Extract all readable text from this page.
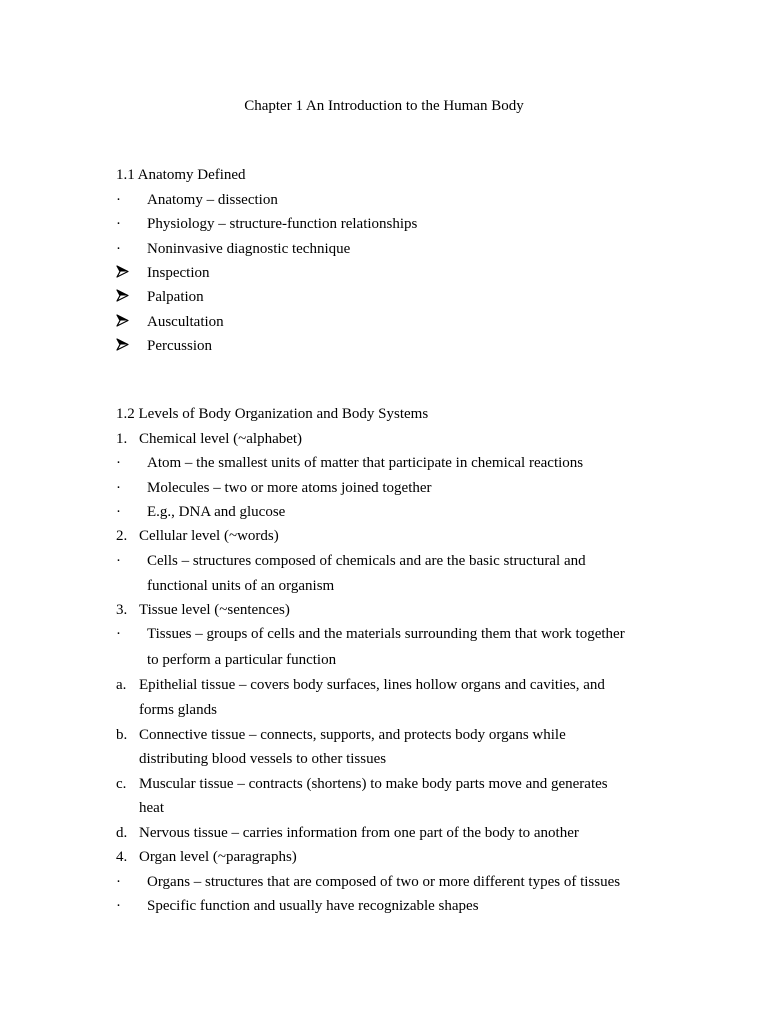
Chapter 1 An Introduction to the Human Body
1.1 Anatomy Defined
· Anatomy – dissection
· Physiology – structure-function relationships
· Noninvasive diagnostic technique
Inspection
Palpation
Auscultation
Percussion
1.2 Levels of Body Organization and Body Systems
1. Chemical level (~alphabet)
· Atom – the smallest units of matter that participate in chemical reactions
· Molecules – two or more atoms joined together
· E.g., DNA and glucose
2. Cellular level (~words)
· Cells – structures composed of chemicals and are the basic structural and
functional units of an organism
3. Tissue level (~sentences)
· Tissues – groups of cells and the materials surrounding them that work together
to perform a particular function
a. Epithelial tissue – covers body surfaces, lines hollow organs and cavities, and
forms glands
b. Connective tissue – connects, supports, and protects body organs while
distributing blood vessels to other tissues
c. Muscular tissue – contracts (shortens) to make body parts move and generates
heat
d. Nervous tissue – carries information from one part of the body to another
4. Organ level (~paragraphs)
· Organs – structures that are composed of two or more different types of tissues
· Specific function and usually have recognizable shapes
